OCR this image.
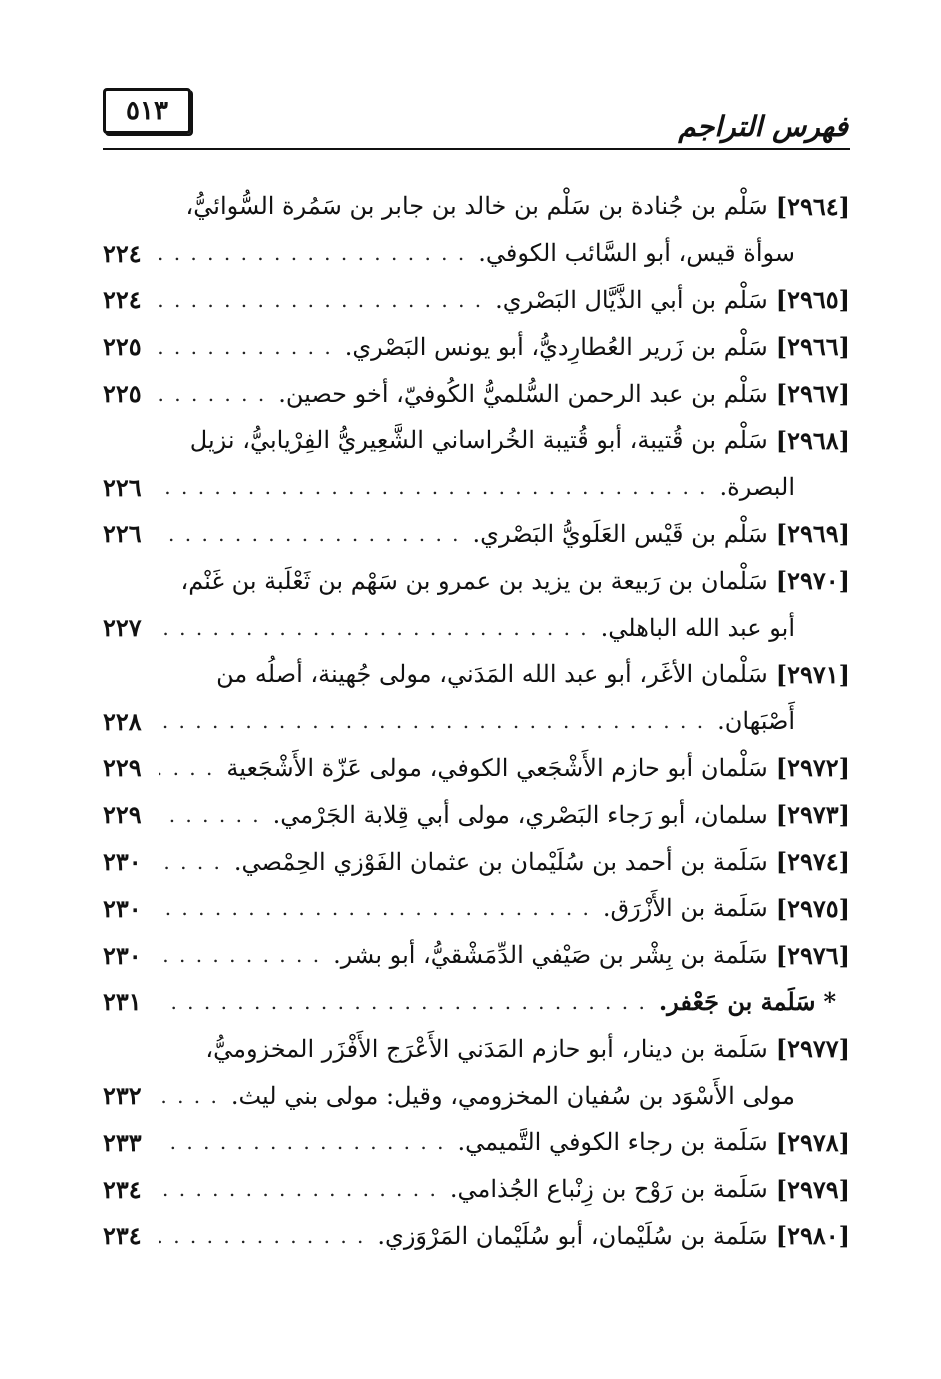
٥١٣	فهرس التراجم
[٢٩٦٤]
سَلْم بن جُنادة بن سَلْم بن خالد بن جابر بن سَمُرة السُّوائيُّ،
سوأة قيس، أبو السَّائب الكوفي.
. . .
٢٢٤
[٢٩٦٥]
سَلْم بن أبي الذَّيَّال البَصْري.
. . .
٢٢٤
[٢٩٦٦]
سَلْم بن زَرير العُطارِديُّ، أبو يونس البَصْري.
. . .
٢٢٥
[٢٩٦٧]
سَلْم بن عبد الرحمن السُّلميُّ الكُوفيّ، أخو حصين.
. . .
٢٢٥
[٢٩٦٨]
سَلْم بن قُتيبة، أبو قُتيبة الخُراساني الشَّعِيريُّ الفِرْيابيُّ، نزيل
البصرة.
. . .
٢٢٦
[٢٩٦٩]
سَلْم بن قَيْس العَلَويُّ البَصْري.
. . .
٢٢٦
[٢٩٧٠]
سَلْمان بن رَبيعة بن يزيد بن عمرو بن سَهْم بن ثَعْلَبة بن غَنْم،
أبو عبد الله الباهلي.
. . .
٢٢٧
[٢٩٧١]
سَلْمان الأغَر، أبو عبد الله المَدَني، مولى جُهينة، أصلُه من
أَصْبَهان.
. . .
٢٢٨
[٢٩٧٢]
سَلْمان أبو حازم الأَشْجَعي الكوفي، مولى عَزّة الأَشْجَعية
. . .
٢٢٩
[٢٩٧٣]
سلمان، أبو رَجاء البَصْري، مولى أبي قِلابة الجَرْمي.
. . .
٢٢٩
[٢٩٧٤]
سَلَمة بن أحمد بن سُلَيْمان بن عثمان الفَوْزي الحِمْصي.
. . .
٢٣٠
[٢٩٧٥]
سَلَمة بن الأَزْرَق.
. . .
٢٣٠
[٢٩٧٦]
سَلَمة بن بِشْر بن صَيْفي الدِّمَشْقيُّ، أبو بشر.
. . .
٢٣٠
*
سَلَمة بن جَعْفر.
. . .
٢٣١
[٢٩٧٧]
سَلَمة بن دينار، أبو حازم المَدَني الأَعْرَج الأَفْزَر المخزوميُّ،
مولى الأَسْوَد بن سُفيان المخزومي، وقيل: مولى بني ليث.
. . .
٢٣٢
[٢٩٧٨]
سَلَمة بن رجاء الكوفي التَّميمي.
. . .
٢٣٣
[٢٩٧٩]
سَلَمة بن رَوْح بن زِنْباع الجُذامي.
. . .
٢٣٤
[٢٩٨٠]
سَلَمة بن سُلَيْمان، أبو سُلَيْمان المَرْوَزي.
. . .
٢٣٤
